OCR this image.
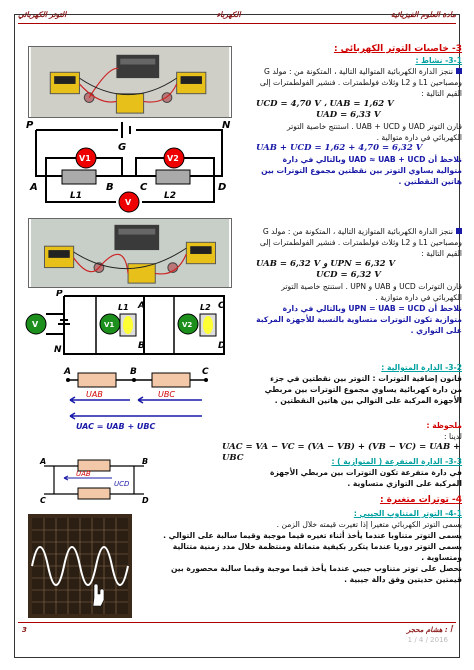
مادة العلوم الفيزيائية
الكهرباء
التوتر الكهربائي
P
G
N
A	B	C	D
L1	L2
V1	V2
V
P
A	C
L1	L2
N	B	D
V	V1	V2
A	B	C
UAB	UBC
UAC = UAB + UBC
A	B
UAB
C	D
UCD
3- خاصيات التوتر الكهربائي :
3-1- نشاط :
ننجز الدارة الكهربائية المتوالية التالية ، المتكونة من : مولد G ومصباحين L1 و L2 وثلاث فولطمترات . فنشير الفولطمترات إلى القيم التالية :
UCD = 4,70 V ، UAB = 1,62 V
UAD = 6,33 V
قارن التوتر UAD و UAB + UCD . استنتج خاصية التوتر الكهربائي في دارة متوالية .
UAB + UCD = 1,62 + 4,70 = 6,32 V
نلاحظ أن UAD ≈ UAB + UCD وبالتالي في دارة متوالية يساوي التوتر بين نقطتين مجموع التوترات بين هاتين النقطتين .
ننجز الدارة الكهربائية المتوازية التالية ، المتكونة من : مولد G ومصباحين L1 و L2 وثلاث فولطمترات . فنشير الفولطمترات إلى القيم التالية :
UAB = 6,32 V و UPN = 6,32 V
UCD = 6,32 V
قارن التوترات UCD و UAB و UPN . استنتج خاصية التوتر الكهربائي في دارة متوازية .
نلاحظ أن UPN = UAB = UCD وبالتالي في دارة متوازية تكون التوترات متساوية بالنسبة للأجهزة المركبة على التوازي .
3-2- الدارة المتوالية :
قانون إضافية التوترات : التوتر بين نقطتين في جزء من دارة كهربائية يساوي مجموع التوترات بين مربطي الأجهزة المركبة على التوالي بين هاتين النقطتين .
ملحوظة :
لدينا :
UAC = VA − VC = (VA − VB) + (VB − VC) = UAB + UBC	3-3- الدارة المتفرعة ( المتوازية ) :
في دارة متفرعة تكون التوترات بين مربطي الأجهزة المركبة على التوازي متساوية .
4- توترات متغيرة :
4-1- التوتر المتناوب الجيبي :
يسمى التوتر الكهربائي متغيرا إذا تغيرت قيمته خلال الزمن .
يسمى التوتر متناوبا عندما يأخذ أثناء تغيره قيما موجبة وقيما سالبة على التوالي .
يسمى التوتر دوريا عندما يتكرر بكيفية متماثلة ومنتظمة خلال مدد زمنية متتالية ومتساوية .
نحصل على توتر متناوب جيبي عندما يأخذ قيما موجبة وقيما سالبة محصورة بين قيمتين حديتين وفق دالة جيبية .
3	أ : هشام محجر
1 / 4 / 2016
